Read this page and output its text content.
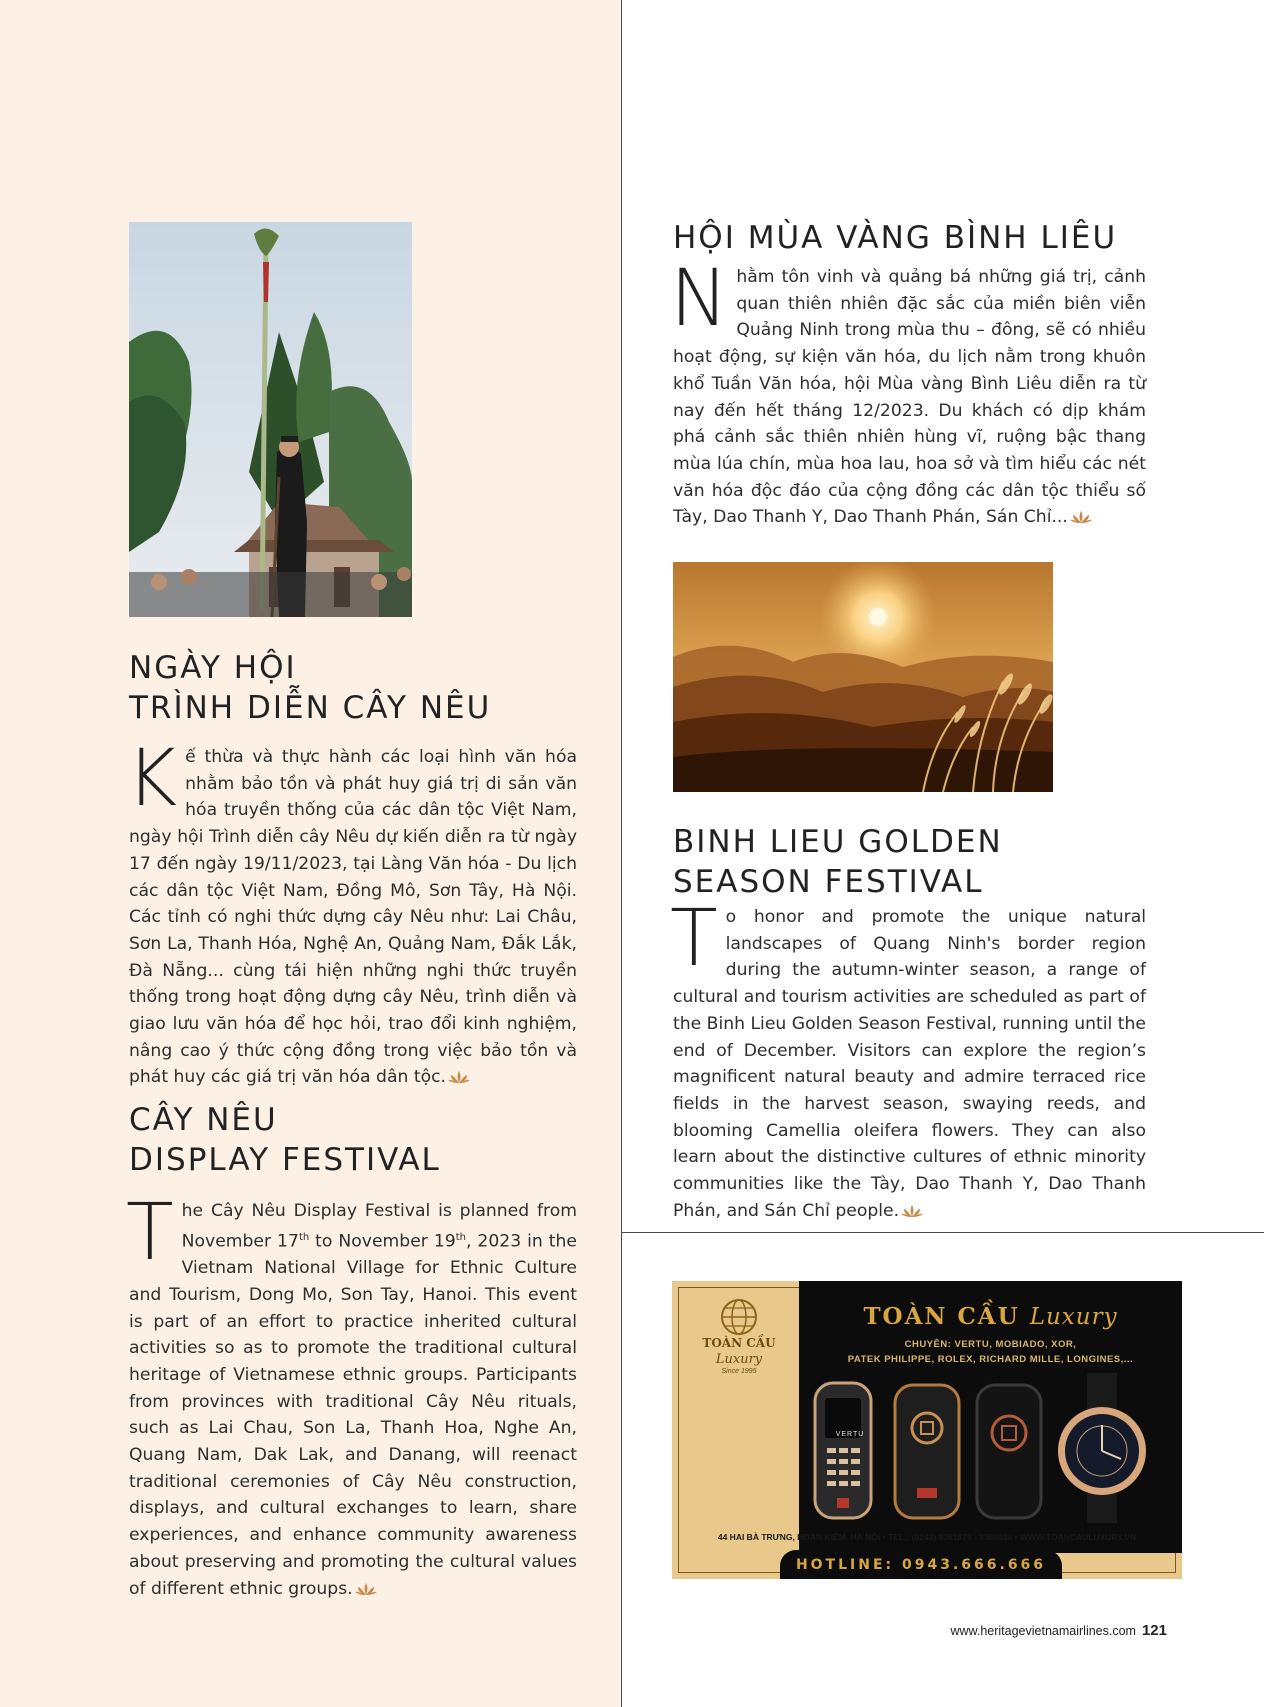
NGÀY HỘI
TRÌNH DIỄN CÂY NÊU

Kế thừa và thực hành các loại hình văn hóa nhằm bảo tồn và phát huy giá trị di sản văn hóa truyền thống của các dân tộc Việt Nam, ngày hội Trình diễn cây Nêu dự kiến diễn ra từ ngày 17 đến ngày 19/11/2023, tại Làng Văn hóa - Du lịch các dân tộc Việt Nam, Đồng Mô, Sơn Tây, Hà Nội. Các tỉnh có nghi thức dựng cây Nêu như: Lai Châu, Sơn La, Thanh Hóa, Nghệ An, Quảng Nam, Đắk Lắk, Đà Nẵng... cùng tái hiện những nghi thức truyền thống trong hoạt động dựng cây Nêu, trình diễn và giao lưu văn hóa để học hỏi, trao đổi kinh nghiệm, nâng cao ý thức cộng đồng trong việc bảo tồn và phát huy các giá trị văn hóa dân tộc.

CÂY NÊU
DISPLAY FESTIVAL

The Cây Nêu Display Festival is planned from November 17th to November 19th, 2023 in the Vietnam National Village for Ethnic Culture and Tourism, Dong Mo, Son Tay, Hanoi. This event is part of an effort to practice inherited cultural activities so as to promote the traditional cultural heritage of Vietnamese ethnic groups. Participants from provinces with traditional Cây Nêu rituals, such as Lai Chau, Son La, Thanh Hoa, Nghe An, Quang Nam, Dak Lak, and Danang, will reenact traditional ceremonies of Cây Nêu construction, displays, and cultural exchanges to learn, share experiences, and enhance community awareness about preserving and promoting the cultural values of different ethnic groups.

HỘI MÙA VÀNG BÌNH LIÊU

Nhằm tôn vinh và quảng bá những giá trị, cảnh quan thiên nhiên đặc sắc của miền biên viễn Quảng Ninh trong mùa thu – đông, sẽ có nhiều hoạt động, sự kiện văn hóa, du lịch nằm trong khuôn khổ Tuần Văn hóa, hội Mùa vàng Bình Liêu diễn ra từ nay đến hết tháng 12/2023. Du khách có dịp khám phá cảnh sắc thiên nhiên hùng vĩ, ruộng bậc thang mùa lúa chín, mùa hoa lau, hoa sở và tìm hiểu các nét văn hóa độc đáo của cộng đồng các dân tộc thiểu số Tày, Dao Thanh Y, Dao Thanh Phán, Sán Chỉ...

BINH LIEU GOLDEN
SEASON FESTIVAL

To honor and promote the unique natural landscapes of Quang Ninh's border region during the autumn-winter season, a range of cultural and tourism activities are scheduled as part of the Binh Lieu Golden Season Festival, running until the end of December. Visitors can explore the region’s magnificent natural beauty and admire terraced rice fields in the harvest season, swaying reeds, and blooming Camellia oleifera flowers. They can also learn about the distinctive cultures of ethnic minority communities like the Tày, Dao Thanh Y, Dao Thanh Phán, and Sán Chỉ people.

TOÀN CẦU
Luxury
Since 1995
TOÀN CẦU Luxury
CHUYÊN: VERTU, MOBIADO, XOR,
PATEK PHILIPPE, ROLEX, RICHARD MILLE, LONGINES,...
VERTU
44 HAI BÀ TRƯNG, HOÀN KIẾM, HÀ NỘI • TEL.: (0243) 9361979 - 9360030 • WWW.TOANCAULUXURY.VN
HOTLINE: 0943.666.666
www.heritagevietnamairlines.com 121
